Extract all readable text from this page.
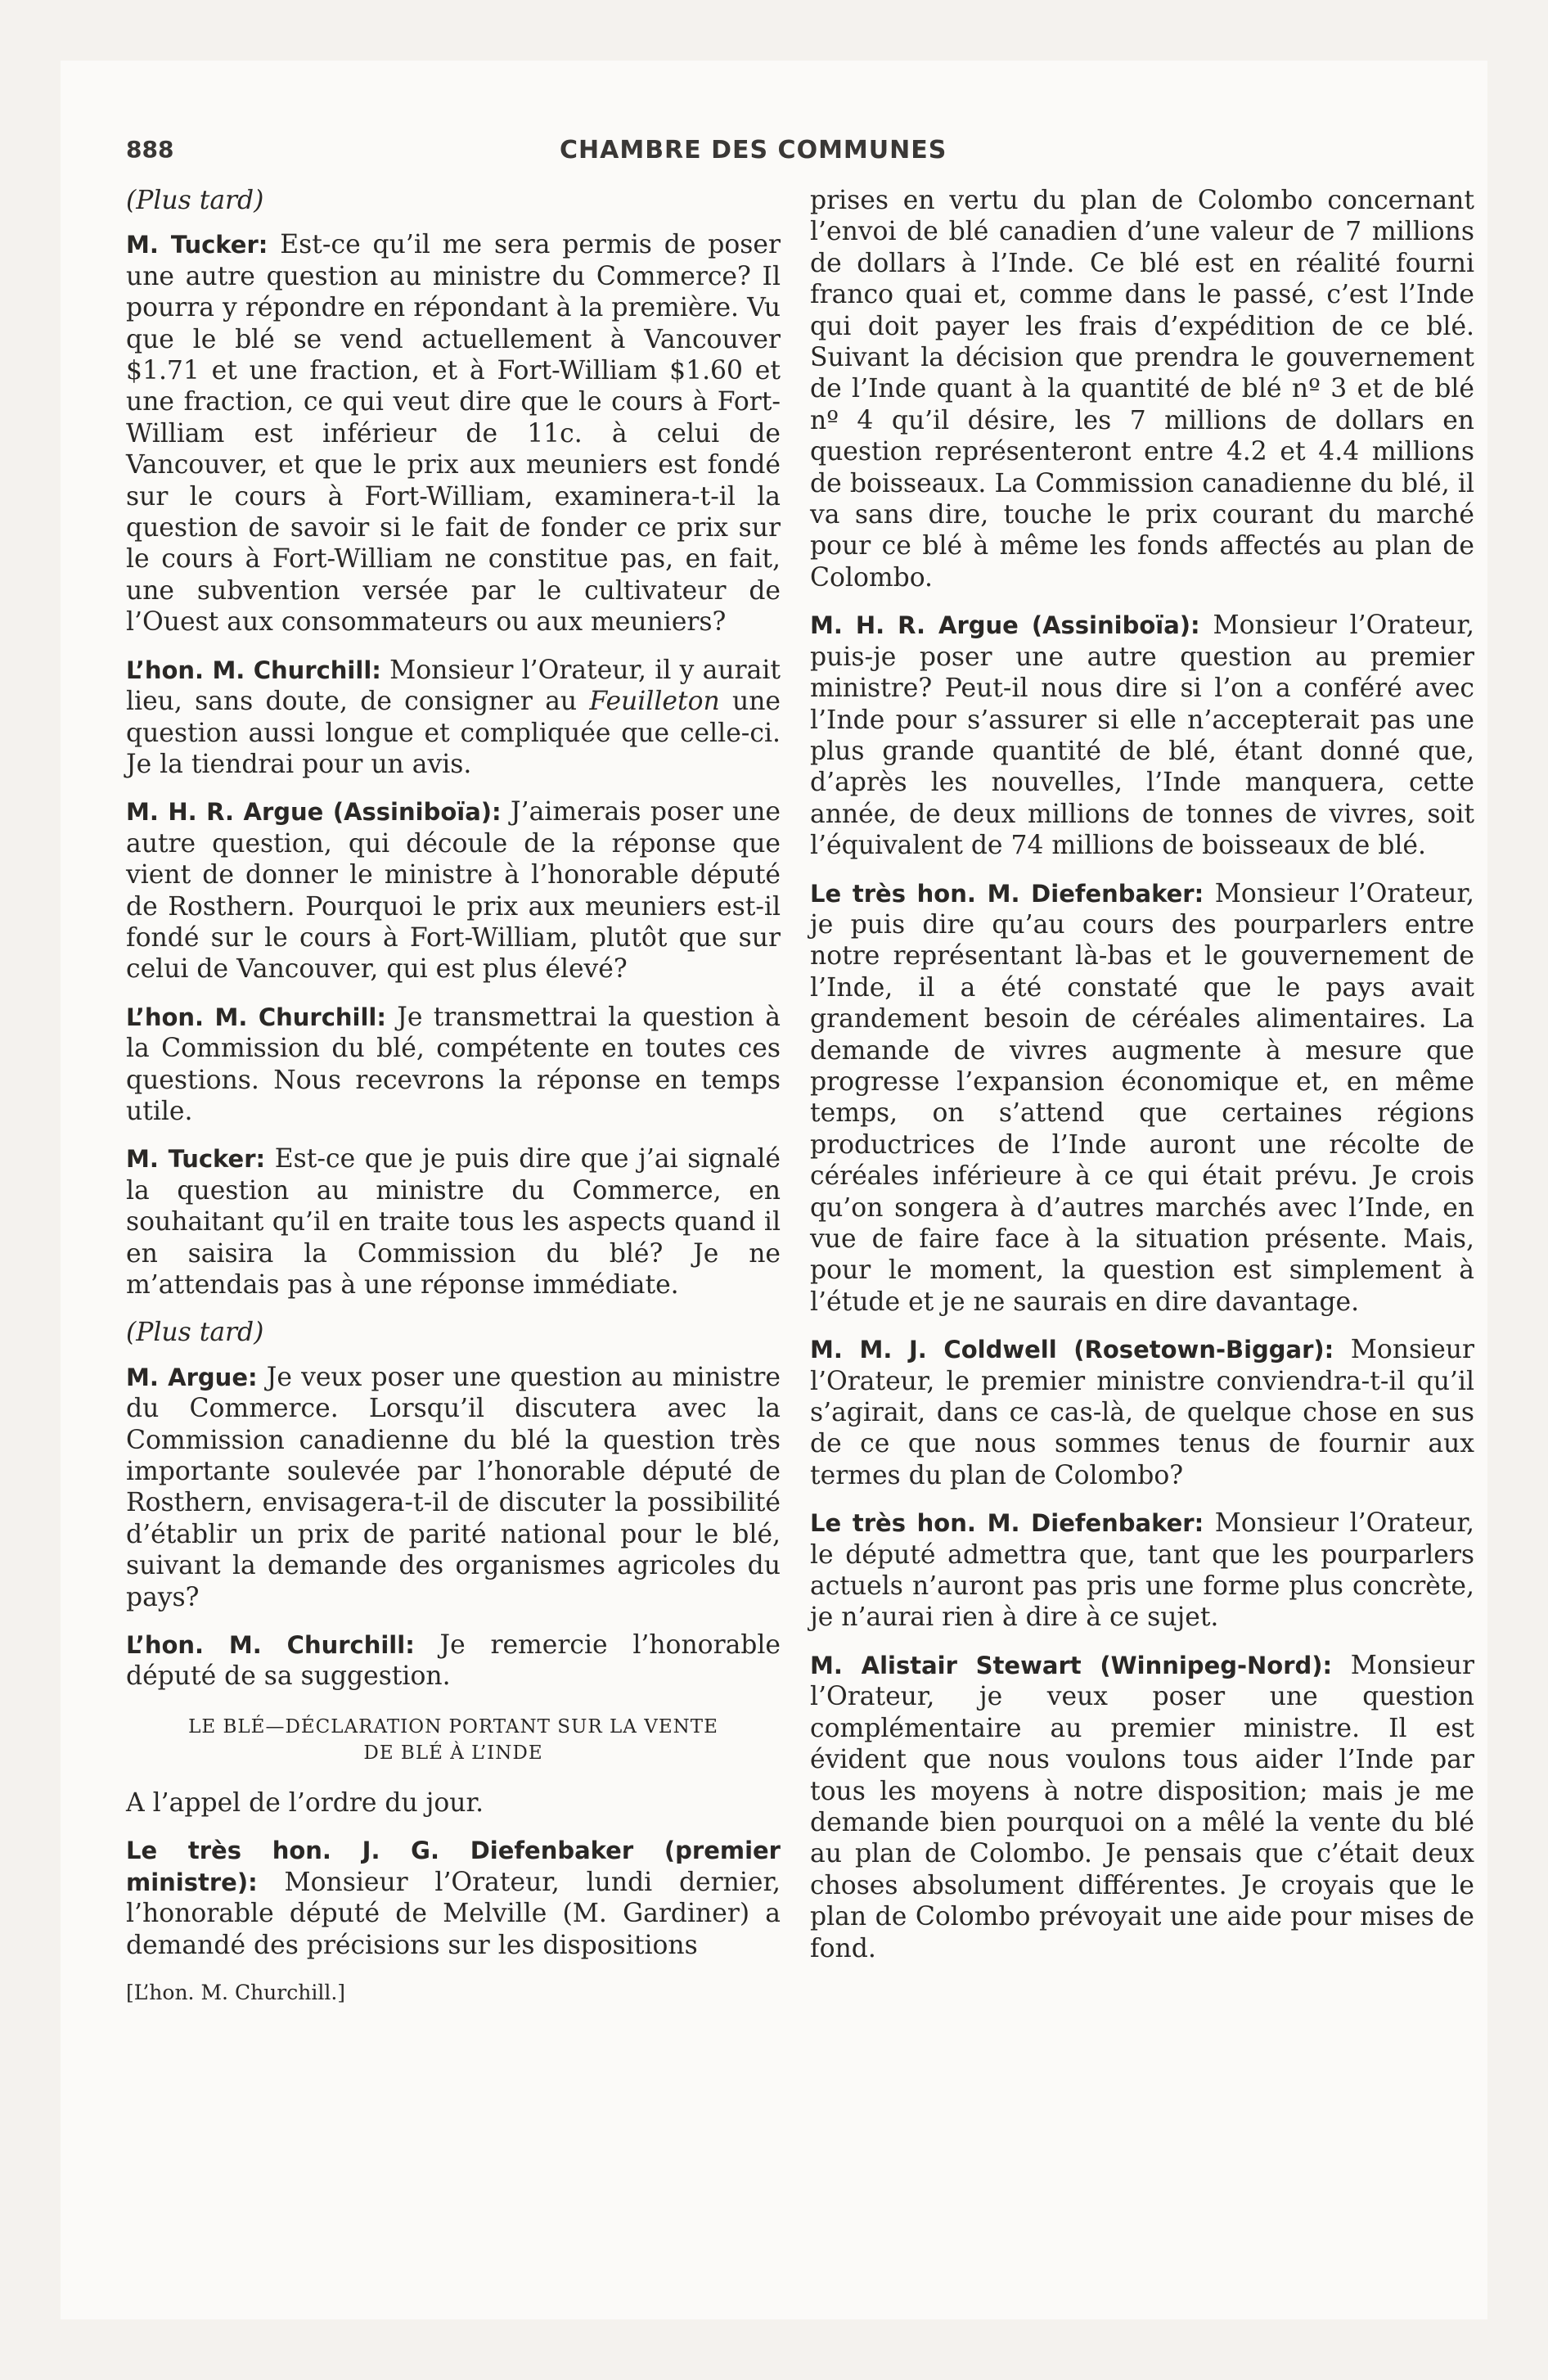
888	CHAMBRE DES COMMUNES

(Plus tard)

M. Tucker: Est-ce qu’il me sera permis de poser une autre question au ministre du Commerce? Il pourra y répondre en répondant à la première. Vu que le blé se vend actuellement à Vancouver $1.71 et une fraction, et à Fort-William $1.60 et une fraction, ce qui veut dire que le cours à Fort-William est inférieur de 11c. à celui de Vancouver, et que le prix aux meuniers est fondé sur le cours à Fort-William, examinera-t-il la question de savoir si le fait de fonder ce prix sur le cours à Fort-William ne constitue pas, en fait, une subvention versée par le cultivateur de l’Ouest aux consommateurs ou aux meuniers?

L’hon. M. Churchill: Monsieur l’Orateur, il y aurait lieu, sans doute, de consigner au Feuilleton une question aussi longue et compliquée que celle-ci. Je la tiendrai pour un avis.

M. H. R. Argue (Assiniboïa): J’aimerais poser une autre question, qui découle de la réponse que vient de donner le ministre à l’honorable député de Rosthern. Pourquoi le prix aux meuniers est-il fondé sur le cours à Fort-William, plutôt que sur celui de Vancouver, qui est plus élevé?

L’hon. M. Churchill: Je transmettrai la question à la Commission du blé, compétente en toutes ces questions. Nous recevrons la réponse en temps utile.

M. Tucker: Est-ce que je puis dire que j’ai signalé la question au ministre du Commerce, en souhaitant qu’il en traite tous les aspects quand il en saisira la Commission du blé? Je ne m’attendais pas à une réponse immédiate.

(Plus tard)

M. Argue: Je veux poser une question au ministre du Commerce. Lorsqu’il discutera avec la Commission canadienne du blé la question très importante soulevée par l’honorable député de Rosthern, envisagera-t-il de discuter la possibilité d’établir un prix de parité national pour le blé, suivant la demande des organismes agricoles du pays?

L’hon. M. Churchill: Je remercie l’honorable député de sa suggestion.

LE BLÉ—DÉCLARATION PORTANT SUR LA VENTE
DE BLÉ À L’INDE

A l’appel de l’ordre du jour.

Le très hon. J. G. Diefenbaker (premier ministre): Monsieur l’Orateur, lundi dernier, l’honorable député de Melville (M. Gardiner) a demandé des précisions sur les dispositions

[L’hon. M. Churchill.]

prises en vertu du plan de Colombo concernant l’envoi de blé canadien d’une valeur de 7 millions de dollars à l’Inde. Ce blé est en réalité fourni franco quai et, comme dans le passé, c’est l’Inde qui doit payer les frais d’expédition de ce blé. Suivant la décision que prendra le gouvernement de l’Inde quant à la quantité de blé nº 3 et de blé nº 4 qu’il désire, les 7 millions de dollars en question représenteront entre 4.2 et 4.4 millions de boisseaux. La Commission canadienne du blé, il va sans dire, touche le prix courant du marché pour ce blé à même les fonds affectés au plan de Colombo.

M. H. R. Argue (Assiniboïa): Monsieur l’Orateur, puis-je poser une autre question au premier ministre? Peut-il nous dire si l’on a conféré avec l’Inde pour s’assurer si elle n’accepterait pas une plus grande quantité de blé, étant donné que, d’après les nouvelles, l’Inde manquera, cette année, de deux millions de tonnes de vivres, soit l’équivalent de 74 millions de boisseaux de blé.

Le très hon. M. Diefenbaker: Monsieur l’Orateur, je puis dire qu’au cours des pourparlers entre notre représentant là-bas et le gouvernement de l’Inde, il a été constaté que le pays avait grandement besoin de céréales alimentaires. La demande de vivres augmente à mesure que progresse l’expansion économique et, en même temps, on s’attend que certaines régions productrices de l’Inde auront une récolte de céréales inférieure à ce qui était prévu. Je crois qu’on songera à d’autres marchés avec l’Inde, en vue de faire face à la situation présente. Mais, pour le moment, la question est simplement à l’étude et je ne saurais en dire davantage.

M. M. J. Coldwell (Rosetown-Biggar): Monsieur l’Orateur, le premier ministre conviendra-t-il qu’il s’agirait, dans ce cas-là, de quelque chose en sus de ce que nous sommes tenus de fournir aux termes du plan de Colombo?

Le très hon. M. Diefenbaker: Monsieur l’Orateur, le député admettra que, tant que les pourparlers actuels n’auront pas pris une forme plus concrète, je n’aurai rien à dire à ce sujet.

M. Alistair Stewart (Winnipeg-Nord): Monsieur l’Orateur, je veux poser une question complémentaire au premier ministre. Il est évident que nous voulons tous aider l’Inde par tous les moyens à notre disposition; mais je me demande bien pourquoi on a mêlé la vente du blé au plan de Colombo. Je pensais que c’était deux choses absolument différentes. Je croyais que le plan de Colombo prévoyait une aide pour mises de fond.
